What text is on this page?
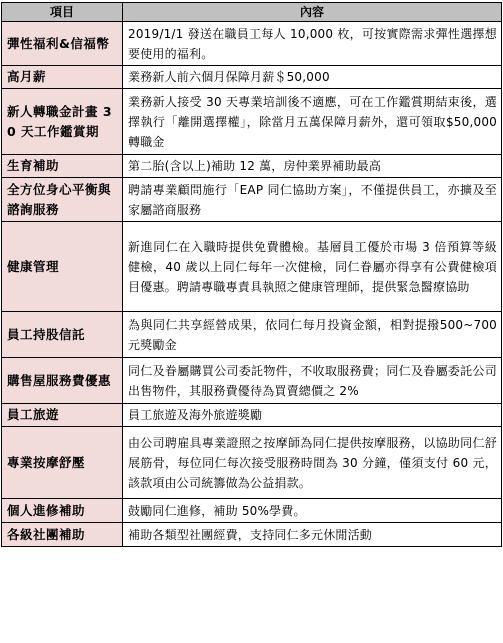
項目	內容
彈性福利&信福幣	2019/1/1 發送在職員工每人 10,000 枚，可按實際需求彈性選擇想要使用的福利。
高月薪	業務新人前六個月保障月薪＄50,000
新人轉職金計畫 30 天工作鑑賞期	業務新人接受 30 天專業培訓後不適應，可在工作鑑賞期結束後，選擇執行「離開選擇權」，除當月五萬保障月薪外，還可領取$50,000 轉職金
生育補助	第二胎(含以上)補助 12 萬，房仲業界補助最高
全方位身心平衡與諮詢服務	聘請專業顧問施行「EAP 同仁協助方案」，不僅提供員工，亦擴及至家屬諮商服務
健康管理	新進同仁在入職時提供免費體檢。基層員工優於市場 3 倍預算等級健檢，40 歲以上同仁每年一次健檢，同仁眷屬亦得享有公費健檢項目優惠。聘請專職專責具執照之健康管理師，提供緊急醫療協助
員工持股信託	為與同仁共享經營成果，依同仁每月投資金額，相對提撥500~700 元獎勵金
購售屋服務費優惠	同仁及眷屬購買公司委託物件，不收取服務費；同仁及眷屬委託公司出售物件，其服務費優待為買賣總價之 2%
員工旅遊	員工旅遊及海外旅遊獎勵
專業按摩舒壓	由公司聘雇具專業證照之按摩師為同仁提供按摩服務，以協助同仁舒展筋骨，每位同仁每次接受服務時間為 30 分鐘，僅須支付 60 元，該款項由公司統籌做為公益捐款。
個人進修補助	鼓勵同仁進修，補助 50%學費。
各級社團補助	補助各類型社團經費，支持同仁多元休閒活動
